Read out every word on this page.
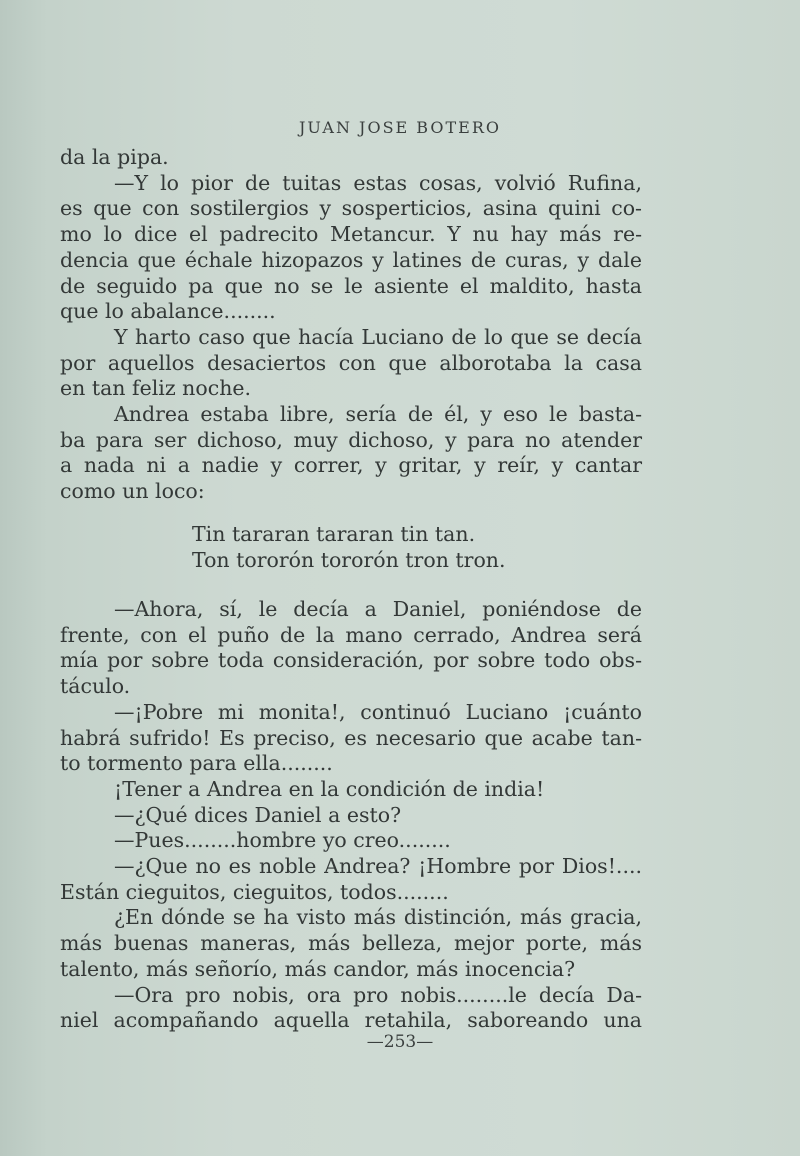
JUAN JOSE BOTERO
da la pipa.
—Y lo pior de tuitas estas cosas, volvió Rufina,
es que con sostilergios y sosperticios, asina quini co-
mo lo dice el padrecito Metancur. Y nu hay más re-
dencia que échale hizopazos y latines de curas, y dale
de seguido pa que no se le asiente el maldito, hasta
que lo abalance........
Y harto caso que hacía Luciano de lo que se decía
por aquellos desaciertos con que alborotaba la casa
en tan feliz noche.
Andrea estaba libre, sería de él, y eso le basta-
ba para ser dichoso, muy dichoso, y para no atender
a nada ni a nadie y correr, y gritar, y reír, y cantar
como un loco:
Tin tararan tararan tin tan.
Ton tororón tororón tron tron.
—Ahora, sí, le decía a Daniel, poniéndose de
frente, con el puño de la mano cerrado, Andrea será
mía por sobre toda consideración, por sobre todo obs-
táculo.
—¡Pobre mi monita!, continuó Luciano ¡cuánto
habrá sufrido! Es preciso, es necesario que acabe tan-
to tormento para ella........
¡Tener a Andrea en la condición de india!
—¿Qué dices Daniel a esto?
—Pues........hombre yo creo........
—¿Que no es noble Andrea? ¡Hombre por Dios!....
Están cieguitos, cieguitos, todos........
¿En dónde se ha visto más distinción, más gracia,
más buenas maneras, más belleza, mejor porte, más
talento, más señorío, más candor, más inocencia?
—Ora pro nobis, ora pro nobis........le decía Da-
niel acompañando aquella retahila, saboreando una
—253—
